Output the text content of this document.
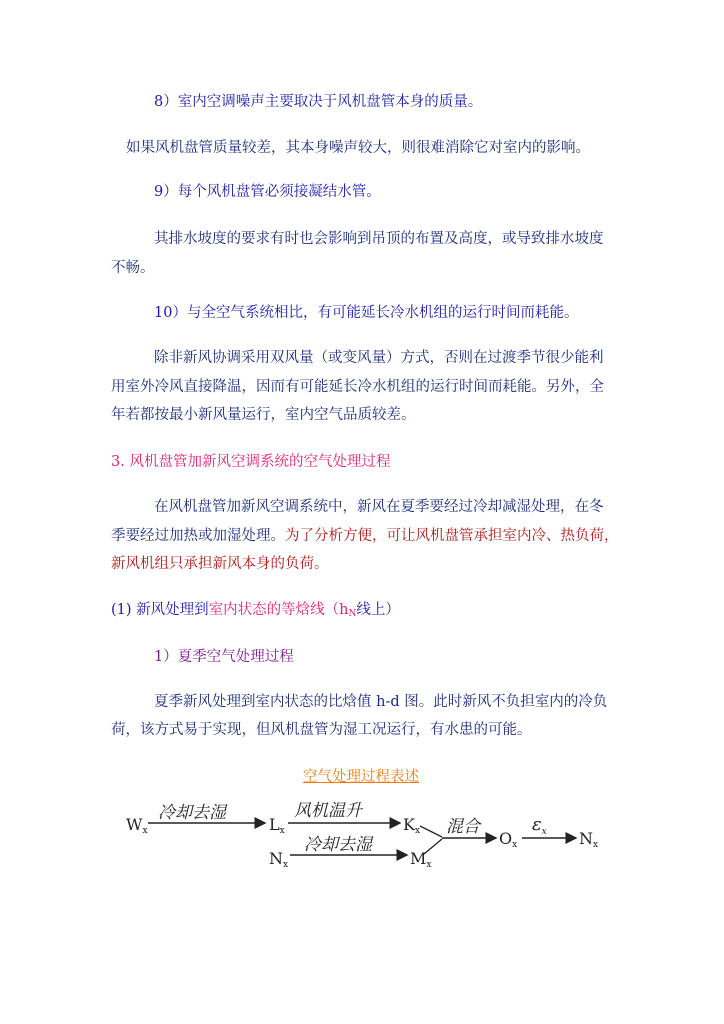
8）室内空调噪声主要取决于风机盘管本身的质量。
如果风机盘管质量较差，其本身噪声较大，则很难消除它对室内的影响。
9）每个风机盘管必须接凝结水管。
其排水坡度的要求有时也会影响到吊顶的布置及高度，或导致排水坡度
不畅。
10）与全空气系统相比，有可能延长冷水机组的运行时间而耗能。
除非新风协调采用双风量（或变风量）方式，否则在过渡季节很少能利
用室外冷风直接降温，因而有可能延长冷水机组的运行时间而耗能。另外，全
年若都按最小新风量运行，室内空气品质较差。
3. 风机盘管加新风空调系统的空气处理过程
在风机盘管加新风空调系统中，新风在夏季要经过冷却减湿处理，在冬
季要经过加热或加湿处理。为了分析方便，可让风机盘管承担室内冷、热负荷，
新风机组只承担新风本身的负荷。
(1) 新风处理到室内状态的等焓线（hN线上）
1）夏季空气处理过程
夏季新风处理到室内状态的比焓值 h-d 图。此时新风不负担室内的冷负
荷，该方式易于实现，但风机盘管为湿工况运行，有水患的可能。
空气处理过程表述
Wx
冷却去湿
Lx
风机温升
Kx
Nx
冷却去湿
Mx
混合
Ox
$\varepsilon_x$ Nx
